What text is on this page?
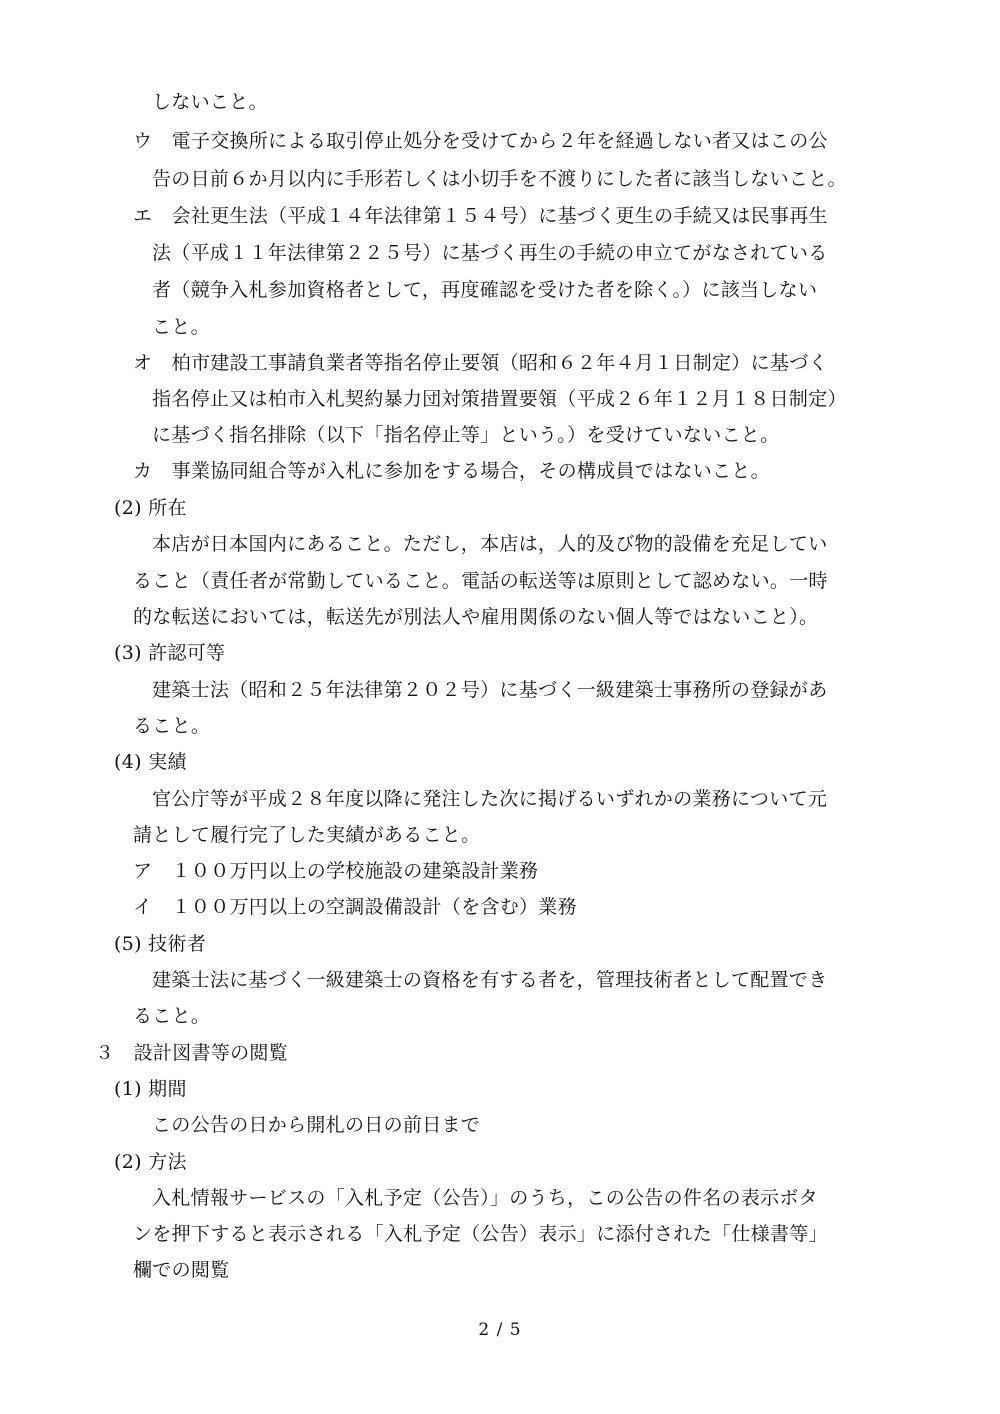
しないこと。
ウ　電子交換所による取引停止処分を受けてから２年を経過しない者又はこの公
告の日前６か月以内に手形若しくは小切手を不渡りにした者に該当しないこと。
エ　会社更生法（平成１４年法律第１５４号）に基づく更生の手続又は民事再生
法（平成１１年法律第２２５号）に基づく再生の手続の申立てがなされている
者（競争入札参加資格者として，再度確認を受けた者を除く。）に該当しない
こと。
オ　柏市建設工事請負業者等指名停止要領（昭和６２年４月１日制定）に基づく
指名停止又は柏市入札契約暴力団対策措置要領（平成２６年１２月１８日制定）
に基づく指名排除（以下「指名停止等」という。）を受けていないこと。
カ　事業協同組合等が入札に参加をする場合，その構成員ではないこと。
(2) 所在
本店が日本国内にあること。ただし，本店は，人的及び物的設備を充足してい
ること（責任者が常勤していること。電話の転送等は原則として認めない。一時
的な転送においては，転送先が別法人や雇用関係のない個人等ではないこと）。
(3) 許認可等
建築士法（昭和２５年法律第２０２号）に基づく一級建築士事務所の登録があ
ること。
(4) 実績
官公庁等が平成２８年度以降に発注した次に掲げるいずれかの業務について元
請として履行完了した実績があること。
ア　１００万円以上の学校施設の建築設計業務
イ　１００万円以上の空調設備設計（を含む）業務
(5) 技術者
建築士法に基づく一級建築士の資格を有する者を，管理技術者として配置でき
ること。
３　設計図書等の閲覧
(1) 期間
この公告の日から開札の日の前日まで
(2) 方法
入札情報サービスの「入札予定（公告）」のうち，この公告の件名の表示ボタ
ンを押下すると表示される「入札予定（公告）表示」に添付された「仕様書等」
欄での閲覧
2 / 5
